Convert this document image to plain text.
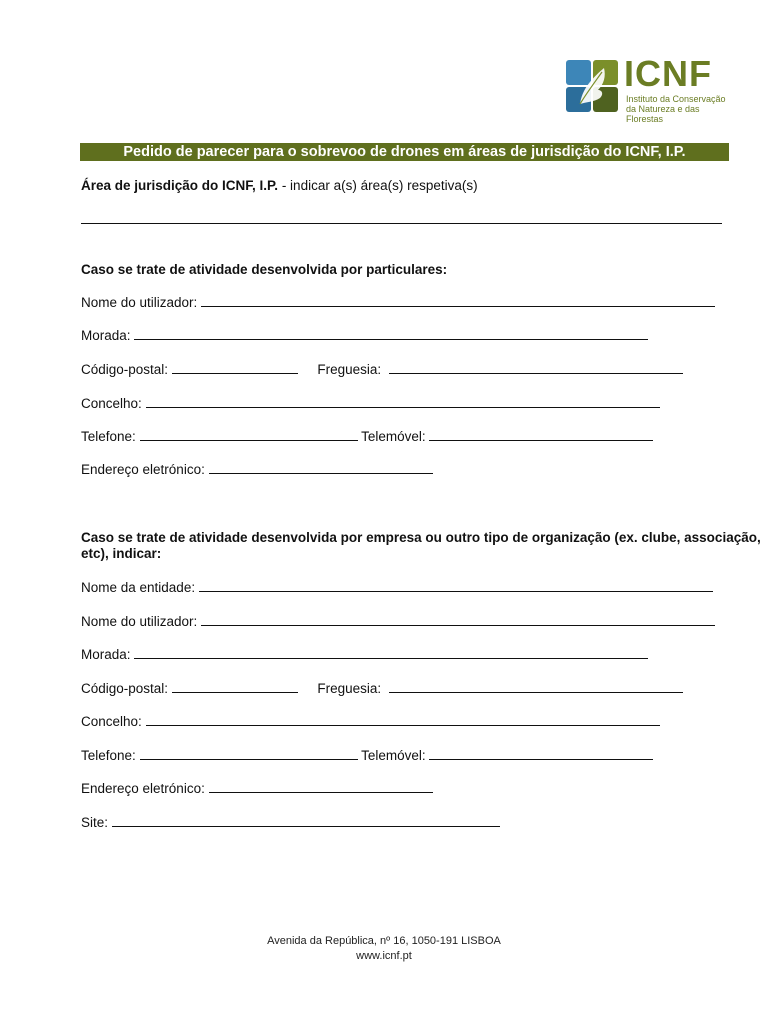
ICNF
Instituto da Conservação
da Natureza e das Florestas
Pedido de parecer para o sobrevoo de drones em áreas de jurisdição do ICNF, I.P.
Área de jurisdição do ICNF, I.P. - indicar a(s) área(s) respetiva(s)
Caso se trate de atividade desenvolvida por particulares:
Nome do utilizador:
Morada:
Código-postal:	Freguesia:
Concelho:
Telefone:	Telemóvel:
Endereço eletrónico:
Caso se trate de atividade desenvolvida por empresa ou outro tipo de organização (ex. clube, associação,
etc), indicar:
Nome da entidade:
Nome do utilizador:
Morada:
Código-postal:	Freguesia:
Concelho:
Telefone:	Telemóvel:
Endereço eletrónico:
Site:
Avenida da República, nº 16, 1050-191 LISBOA
www.icnf.pt
